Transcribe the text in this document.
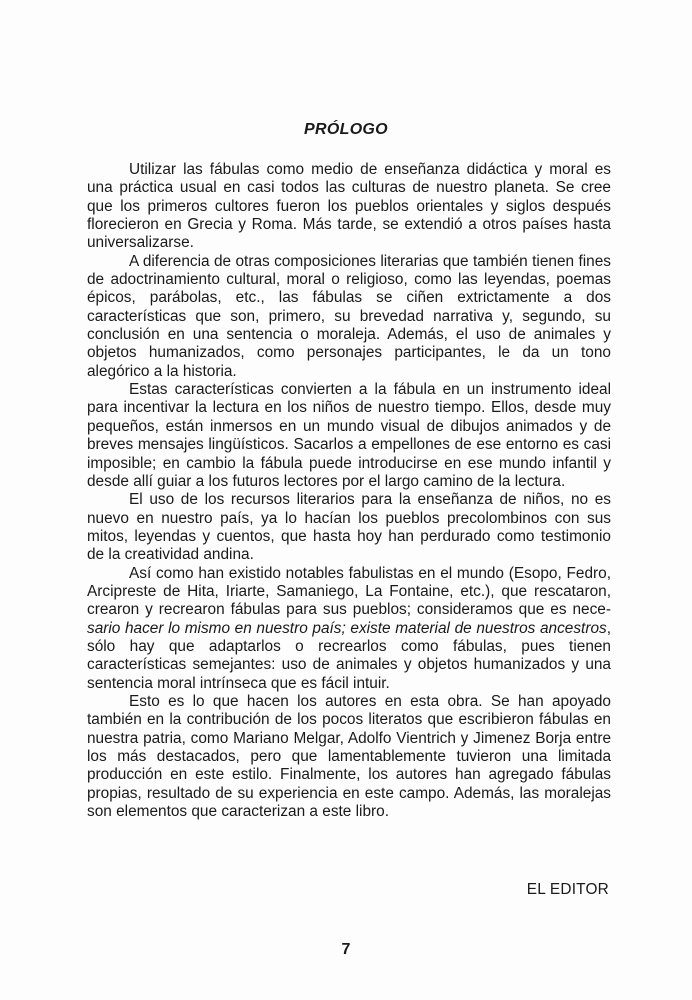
PRÓLOGO

Utilizar las fábulas como medio de enseñanza didáctica y moral es una práctica usual en casi todos las culturas de nuestro planeta. Se cree que los primeros cultores fueron los pueblos orientales y siglos después florecieron en Grecia y Roma. Más tarde, se extendió a otros países hasta universalizarse.

A diferencia de otras composiciones literarias que también tienen fines de adoctrinamiento cultural, moral o religioso, como las leyendas, poemas épicos, parábolas, etc., las fábulas se ciñen extrictamente a dos características que son, primero, su brevedad narrativa y, segundo, su conclusión en una sentencia o moraleja. Además, el uso de animales y objetos humanizados, como personajes participantes, le da un tono alegórico a la historia.

Estas características convierten a la fábula en un instrumento ideal para incentivar la lectura en los niños de nuestro tiempo. Ellos, desde muy pequeños, están inmersos en un mundo visual de dibujos animados y de breves mensajes lingüísticos. Sacarlos a empellones de ese entorno es casi imposible; en cambio la fábula puede introducirse en ese mundo infantil y desde allí guiar a los futuros lectores por el largo camino de la lectura.

El uso de los recursos literarios para la enseñanza de niños, no es nuevo en nuestro país, ya lo hacían los pueblos precolombinos con sus mitos, leyendas y cuentos, que hasta hoy han perdurado como testimonio de la creatividad andina.

Así como han existido notables fabulistas en el mundo (Esopo, Fedro, Arcipreste de Hita, Iriarte, Samaniego, La Fontaine, etc.), que rescataron, crearon y recrearon fábulas para sus pueblos; consideramos que es nece-sario hacer lo mismo en nuestro país; existe material de nuestros ancestros, sólo hay que adaptarlos o recrearlos como fábulas, pues tienen características semejantes: uso de animales y objetos humanizados y una sentencia moral intrínseca que es fácil intuir.

Esto es lo que hacen los autores en esta obra. Se han apoyado también en la contribución de los pocos literatos que escribieron fábulas en nuestra patria, como Mariano Melgar, Adolfo Vientrich y Jimenez Borja entre los más destacados, pero que lamentablemente tuvieron una limitada producción en este estilo. Finalmente, los autores han agregado fábulas propias, resultado de su experiencia en este campo. Además, las moralejas son elementos que caracterizan a este libro.

EL EDITOR
7
